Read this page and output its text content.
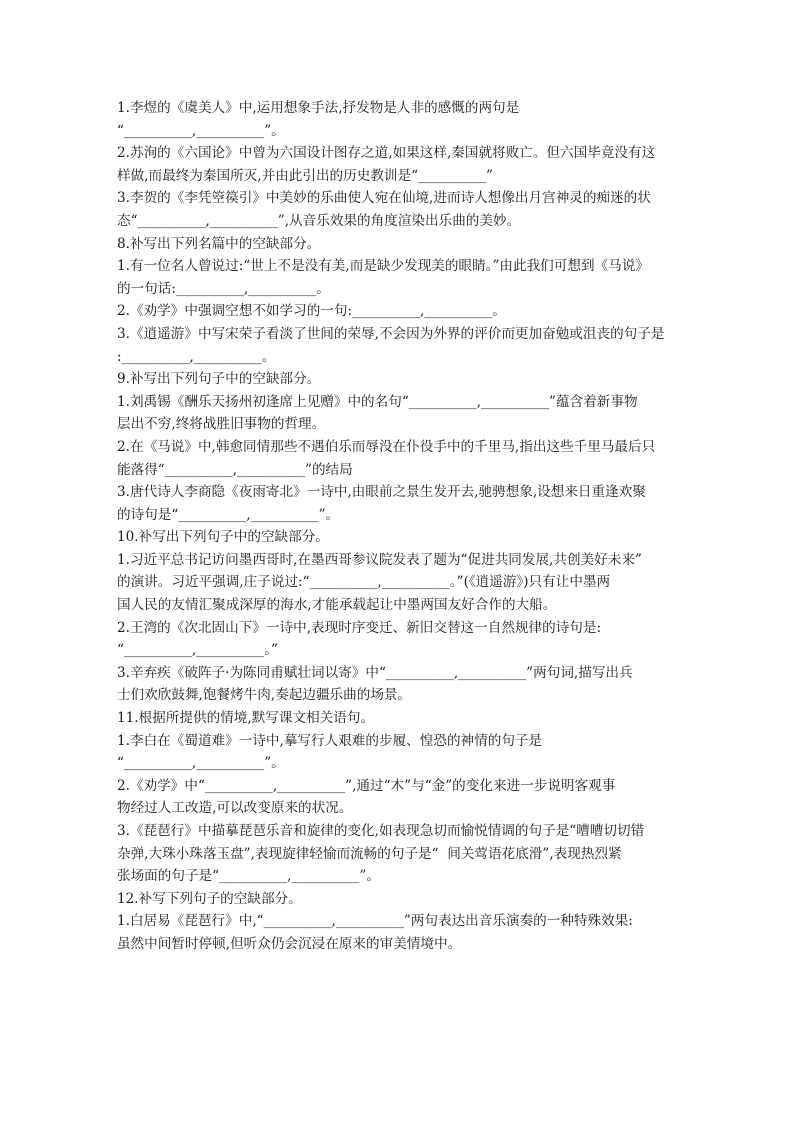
1.李煜的《虞美人》中,运用想象手法,抒发物是人非的感慨的两句是
“__________,__________”。
2.苏洵的《六国论》中曾为六国设计图存之道,如果这样,秦国就将败亡。但六国毕竟没有这
样做,而最终为秦国所灭,并由此引出的历史教训是“__________”
3.李贺的《李凭箜篌引》中美妙的乐曲使人宛在仙境,进而诗人想像出月宫神灵的痴迷的状
态“__________,__________”,从音乐效果的角度渲染出乐曲的美妙。
8.补写出下列名篇中的空缺部分。
1.有一位名人曾说过:“世上不是没有美,而是缺少发现美的眼睛。”由此我们可想到《马说》
的一句话:__________,__________。
2.《劝学》中强调空想不如学习的一句:__________,__________。
3.《逍遥游》中写宋荣子看淡了世间的荣辱,不会因为外界的评价而更加奋勉或沮丧的句子是
:__________,__________。
9.补写出下列句子中的空缺部分。
1.刘禹锡《酬乐天扬州初逢席上见赠》中的名句“__________,__________”蕴含着新事物
层出不穷,终将战胜旧事物的哲理。
2.在《马说》中,韩愈同情那些不遇伯乐而辱没在仆役手中的千里马,指出这些千里马最后只
能落得“__________,__________”的结局
3.唐代诗人李商隐《夜雨寄北》一诗中,由眼前之景生发开去,驰骋想象,设想来日重逢欢聚
的诗句是“__________,__________”。
10.补写出下列句子中的空缺部分。
1.习近平总书记访问墨西哥时,在墨西哥参议院发表了题为“促进共同发展,共创美好未来”
的演讲。习近平强调,庄子说过:“__________,__________。”(《逍遥游》)只有让中墨两
国人民的友情汇聚成深厚的海水,才能承载起让中墨两国友好合作的大船。
2.王湾的《次北固山下》一诗中,表现时序变迁、新旧交替这一自然规律的诗句是:
“__________,__________。”
3.辛弃疾《破阵子·为陈同甫赋壮词以寄》中“__________,__________”两句词,描写出兵
士们欢欣鼓舞,饱餐烤牛肉,奏起边疆乐曲的场景。
11.根据所提供的情境,默写课文相关语句。
1.李白在《蜀道难》一诗中,摹写行人艰难的步履、惶恐的神情的句子是
“__________,__________”。
2.《劝学》中“__________,__________”,通过“木”与“金”的变化来进一步说明客观事
物经过人工改造,可以改变原来的状况。
3.《琵琶行》中描摹琵琶乐音和旋律的变化,如表现急切而愉悦情调的句子是“嘈嘈切切错
杂弹,大珠小珠落玉盘”,表现旋律轻愉而流畅的句子是“  间关莺语花底滑”,表现热烈紧
张场面的句子是“__________,__________”。
12.补写下列句子的空缺部分。
1.白居易《琵琶行》中,“__________,__________”两句表达出音乐演奏的一种特殊效果:
虽然中间暂时停顿,但听众仍会沉浸在原来的审美情境中。
